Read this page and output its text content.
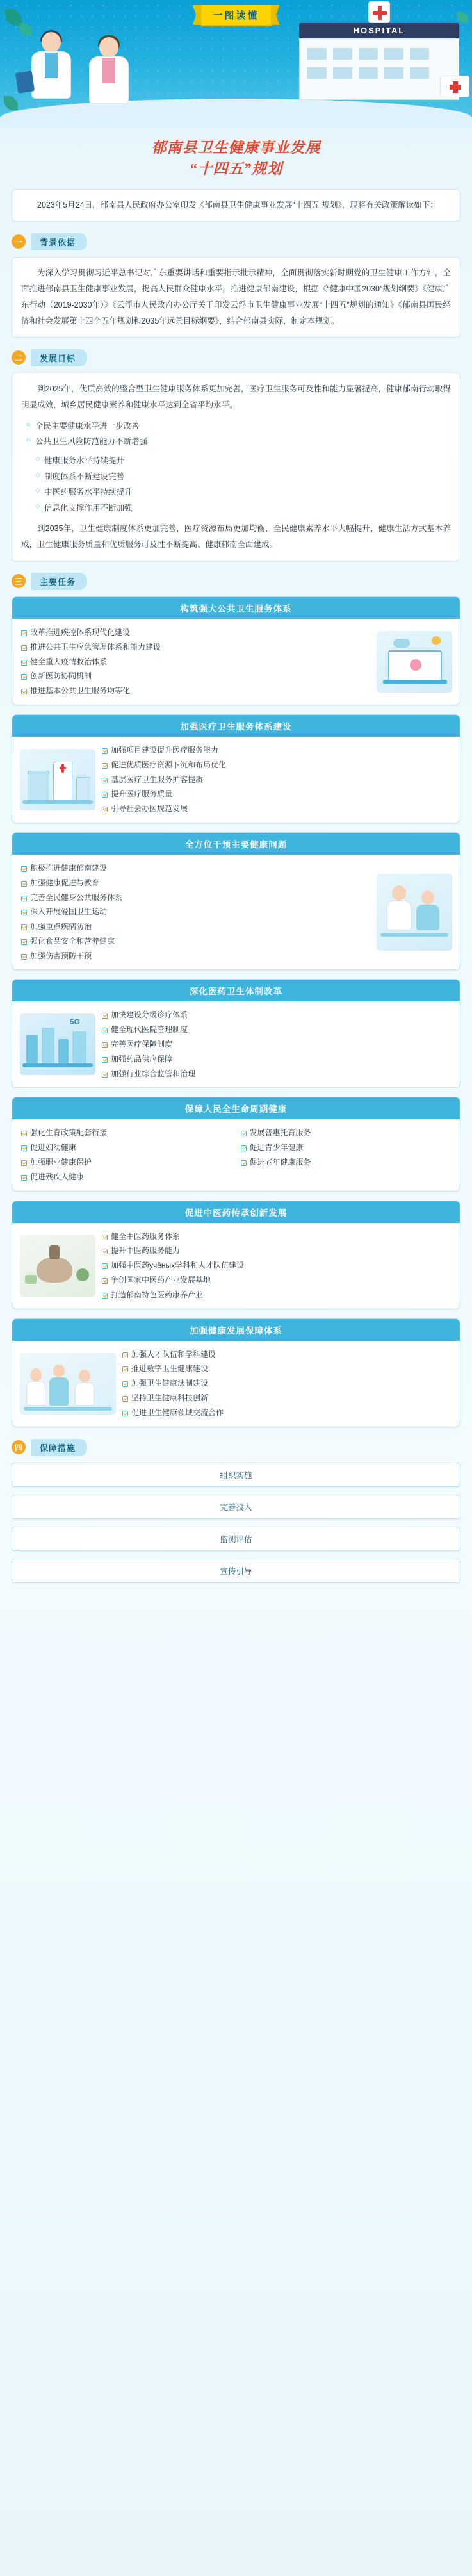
一图读懂
HOSPITAL
郁南县卫生健康事业发展
“十四五”规划

2023年5月24日，郁南县人民政府办公室印发《郁南县卫生健康事业发展“十四五”规划》，现将有关政策解读如下：

一	背景依据

为深入学习贯彻习近平总书记对广东重要讲话和重要指示批示精神，全面贯彻落实新时期党的卫生健康工作方针，全面推进郁南县卫生健康事业发展，提高人民群众健康水平，推进健康郁南建设，根据《“健康中国2030”规划纲要》《健康广东行动（2019-2030年）》《云浮市人民政府办公厅关于印发云浮市卫生健康事业发展“十四五”规划的通知》《郁南县国民经济和社会发展第十四个五年规划和2035年远景目标纲要》，结合郁南县实际，制定本规划。

二	发展目标

到2025年，优质高效的整合型卫生健康服务体系更加完善，医疗卫生服务可及性和能力显著提高，健康郁南行动取得明显成效，城乡居民健康素养和健康水平达到全省平均水平。

○ 全民主要健康水平进一步改善
○ 公共卫生风险防范能力不断增强
◇ 健康服务水平持续提升
◇ 制度体系不断建设完善
◇ 中医药服务水平持续提升
◇ 信息化支撑作用不断加强

到2035年，卫生健康制度体系更加完善，医疗资源布局更加均衡，全民健康素养水平大幅提升，健康生活方式基本养成，卫生健康服务质量和优质服务可及性不断提高、健康郁南全面建成。

三	主要任务
构筑强大公共卫生服务体系
改革推进疾控体系现代化建设
推进公共卫生应急管理体系和能力建设
健全重大疫情救治体系
创新医防协同机制
推进基本公共卫生服务均等化
加强医疗卫生服务体系建设
加强项目建设提升医疗服务能力
促进优质医疗资源下沉和布局优化
基层医疗卫生服务扩容提质
提升医疗服务质量
引导社会办医规范发展
全方位干预主要健康问题
积极推进健康郁南建设
加强健康促进与教育
完善全民健身公共服务体系
深入开展爱国卫生运动
加强重点疾病防治
强化食品安全和营养健康
加强伤害预防干预
深化医药卫生体制改革
加快建设分级诊疗体系
健全现代医院管理制度
完善医疗保障制度
加强药品供应保障
加强行业综合监管和治理
5G
保障人民全生命周期健康
强化生育政策配套衔接	发展普惠托育服务
促进妇幼健康	促进青少年健康
加强职业健康保护	促进老年健康服务
促进残疾人健康
促进中医药传承创新发展
健全中医药服务体系
提升中医药服务能力
加强中医药учёных学科和人才队伍建设
争创国家中医药产业发展基地
打造郁南特色医药康养产业
加强健康发展保障体系
加强人才队伍和学科建设
推进数字卫生健康建设
加强卫生健康法制建设
坚持卫生健康科技创新
促进卫生健康领域交流合作
四	保障措施
组织实施
完善投入
监测评估
宣传引导
